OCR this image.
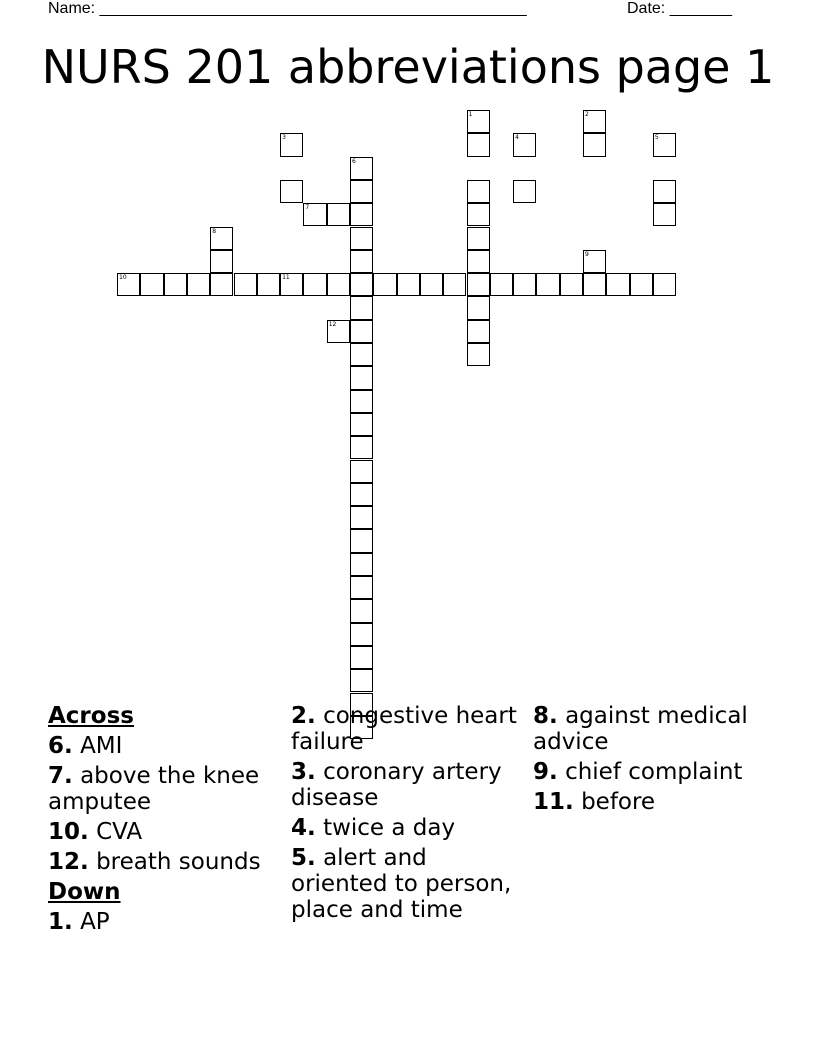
Name: ________________________________________________	Date: _______
NURS 201 abbreviations page 1
6
1	2
3	4	5
7
8
9
10	11
12
Across
6. AMI
7. above the knee amputee
10. CVA
12. breath sounds
Down
1. AP
2. congestive heart failure
3. coronary artery disease
4. twice a day
5. alert and oriented to person, place and time
8. against medical advice
9. chief complaint
11. before
